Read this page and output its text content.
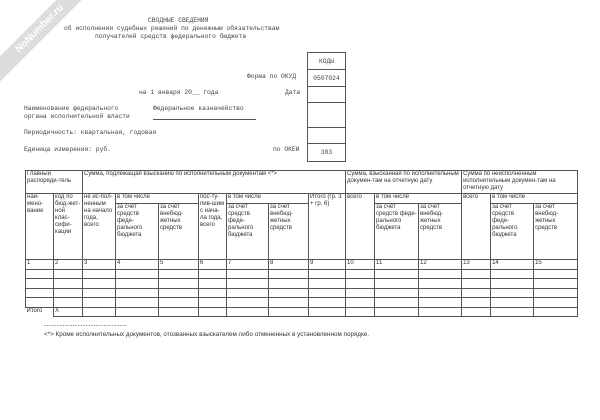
NoNumber.ru	СВОДНЫЕ СВЕДЕНИЯ
об исполнении судебных решений по денежным обязательствам
получателей средств федерального бюджета
КОДЫ
0507024
383
Форма по ОКУД
на 1 января 20__ года	Дата
Наименование федерального
органа исполнительной власти
Федеральное казначейство
Периодичность: квартальная, годовая
Единица измерения: руб.	по ОКЕИ
Главный распоряди-тель		Сумма, подлежащая взысканию по исполнительным документам <*>							Сумма, взысканная по исполнительным докумен-там на отчетную дату			Сумма по неисполненным исполнительным докумен-там на отчетную дату		
наи-мено-вание	код по бюд-жет-ной клас-сифи-кации	не ис-пол-ненным на начало года, всего	в том числе		пос-ту-пив-шим с нача-ла года, всего	в том числе		Итого (гр. 3 + гр. 6)	всего	в том числе		всего	в том числе	
			за счет средств феде-рального бюджета	за счет внебюд-жетных средств		за счет средств феде-рального бюджета	за счет внебюд-жетных средств			за счет средств феде-рального бюджета	за счет внебюд-жетных средств		за счет средств феде-рального бюджета	за счет внебюд-жетных средств
1	2	3	4	5	6	7	8	9	10	11	12	13	14	15

Итого	X													
--------------------------------
<*> Кроме исполнительных документов, отозванных взыскателем либо отмененных в установленном порядке.
